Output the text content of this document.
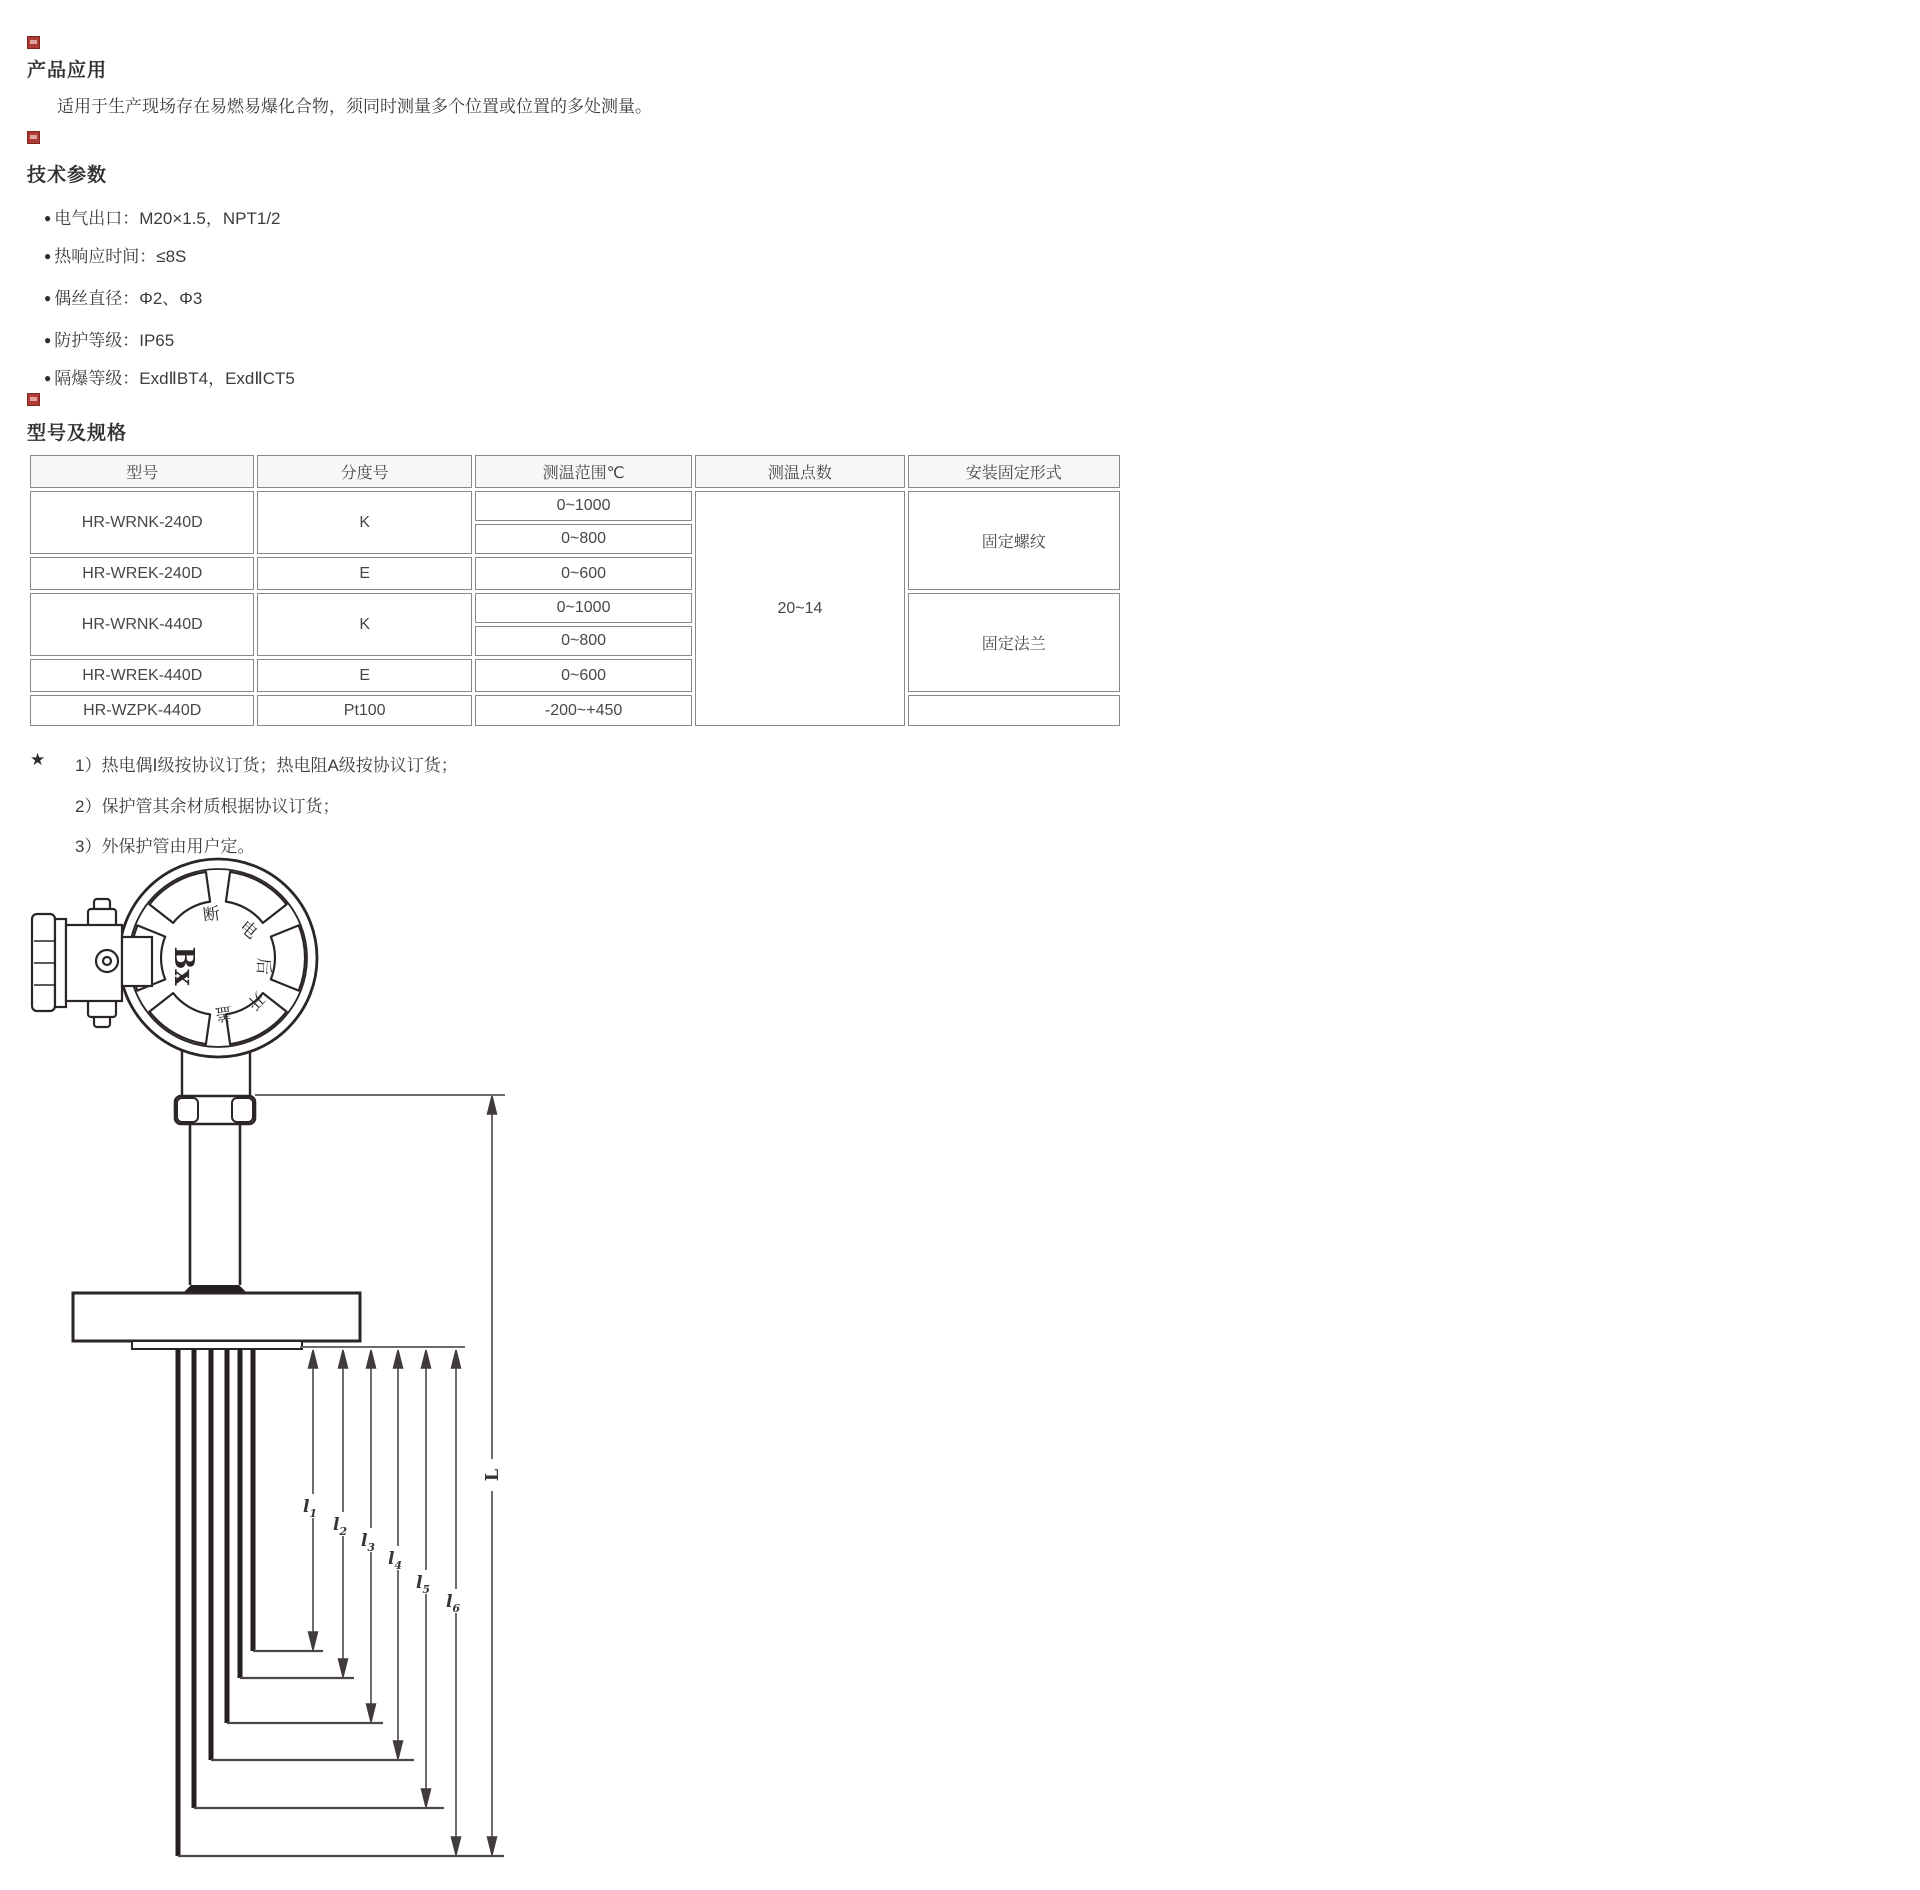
产品应用
适用于生产现场存在易燃易爆化合物，须同时测量多个位置或位置的多处测量。
技术参数
● 电气出口：M20×1.5，NPT1/2
● 热响应时间：≤8S
● 偶丝直径：Φ2、Φ3
● 防护等级：IP65
● 隔爆等级：ExdⅡBT4，ExdⅡCT5
型号及规格
型号	分度号	测温范围℃	测温点数	安装固定形式
HR-WRNK-240D	K	0~1000	20~14	固定螺纹
		0~800		
HR-WREK-240D	E	0~600		
HR-WRNK-440D	K	0~1000		固定法兰
		0~800		
HR-WREK-440D	E	0~600		
HR-WZPK-440D	Pt100	-200~+450		
★ 1）热电偶Ⅰ级按协议订货；热电阻A级按协议订货；
2）保护管其余材质根据协议订货；
3）外保护管由用户定。
断
电
后
开
盖
Bx
$l_1$
$l_2$ $l_3$
$l_4$
$l_5$
$l_6$
L
